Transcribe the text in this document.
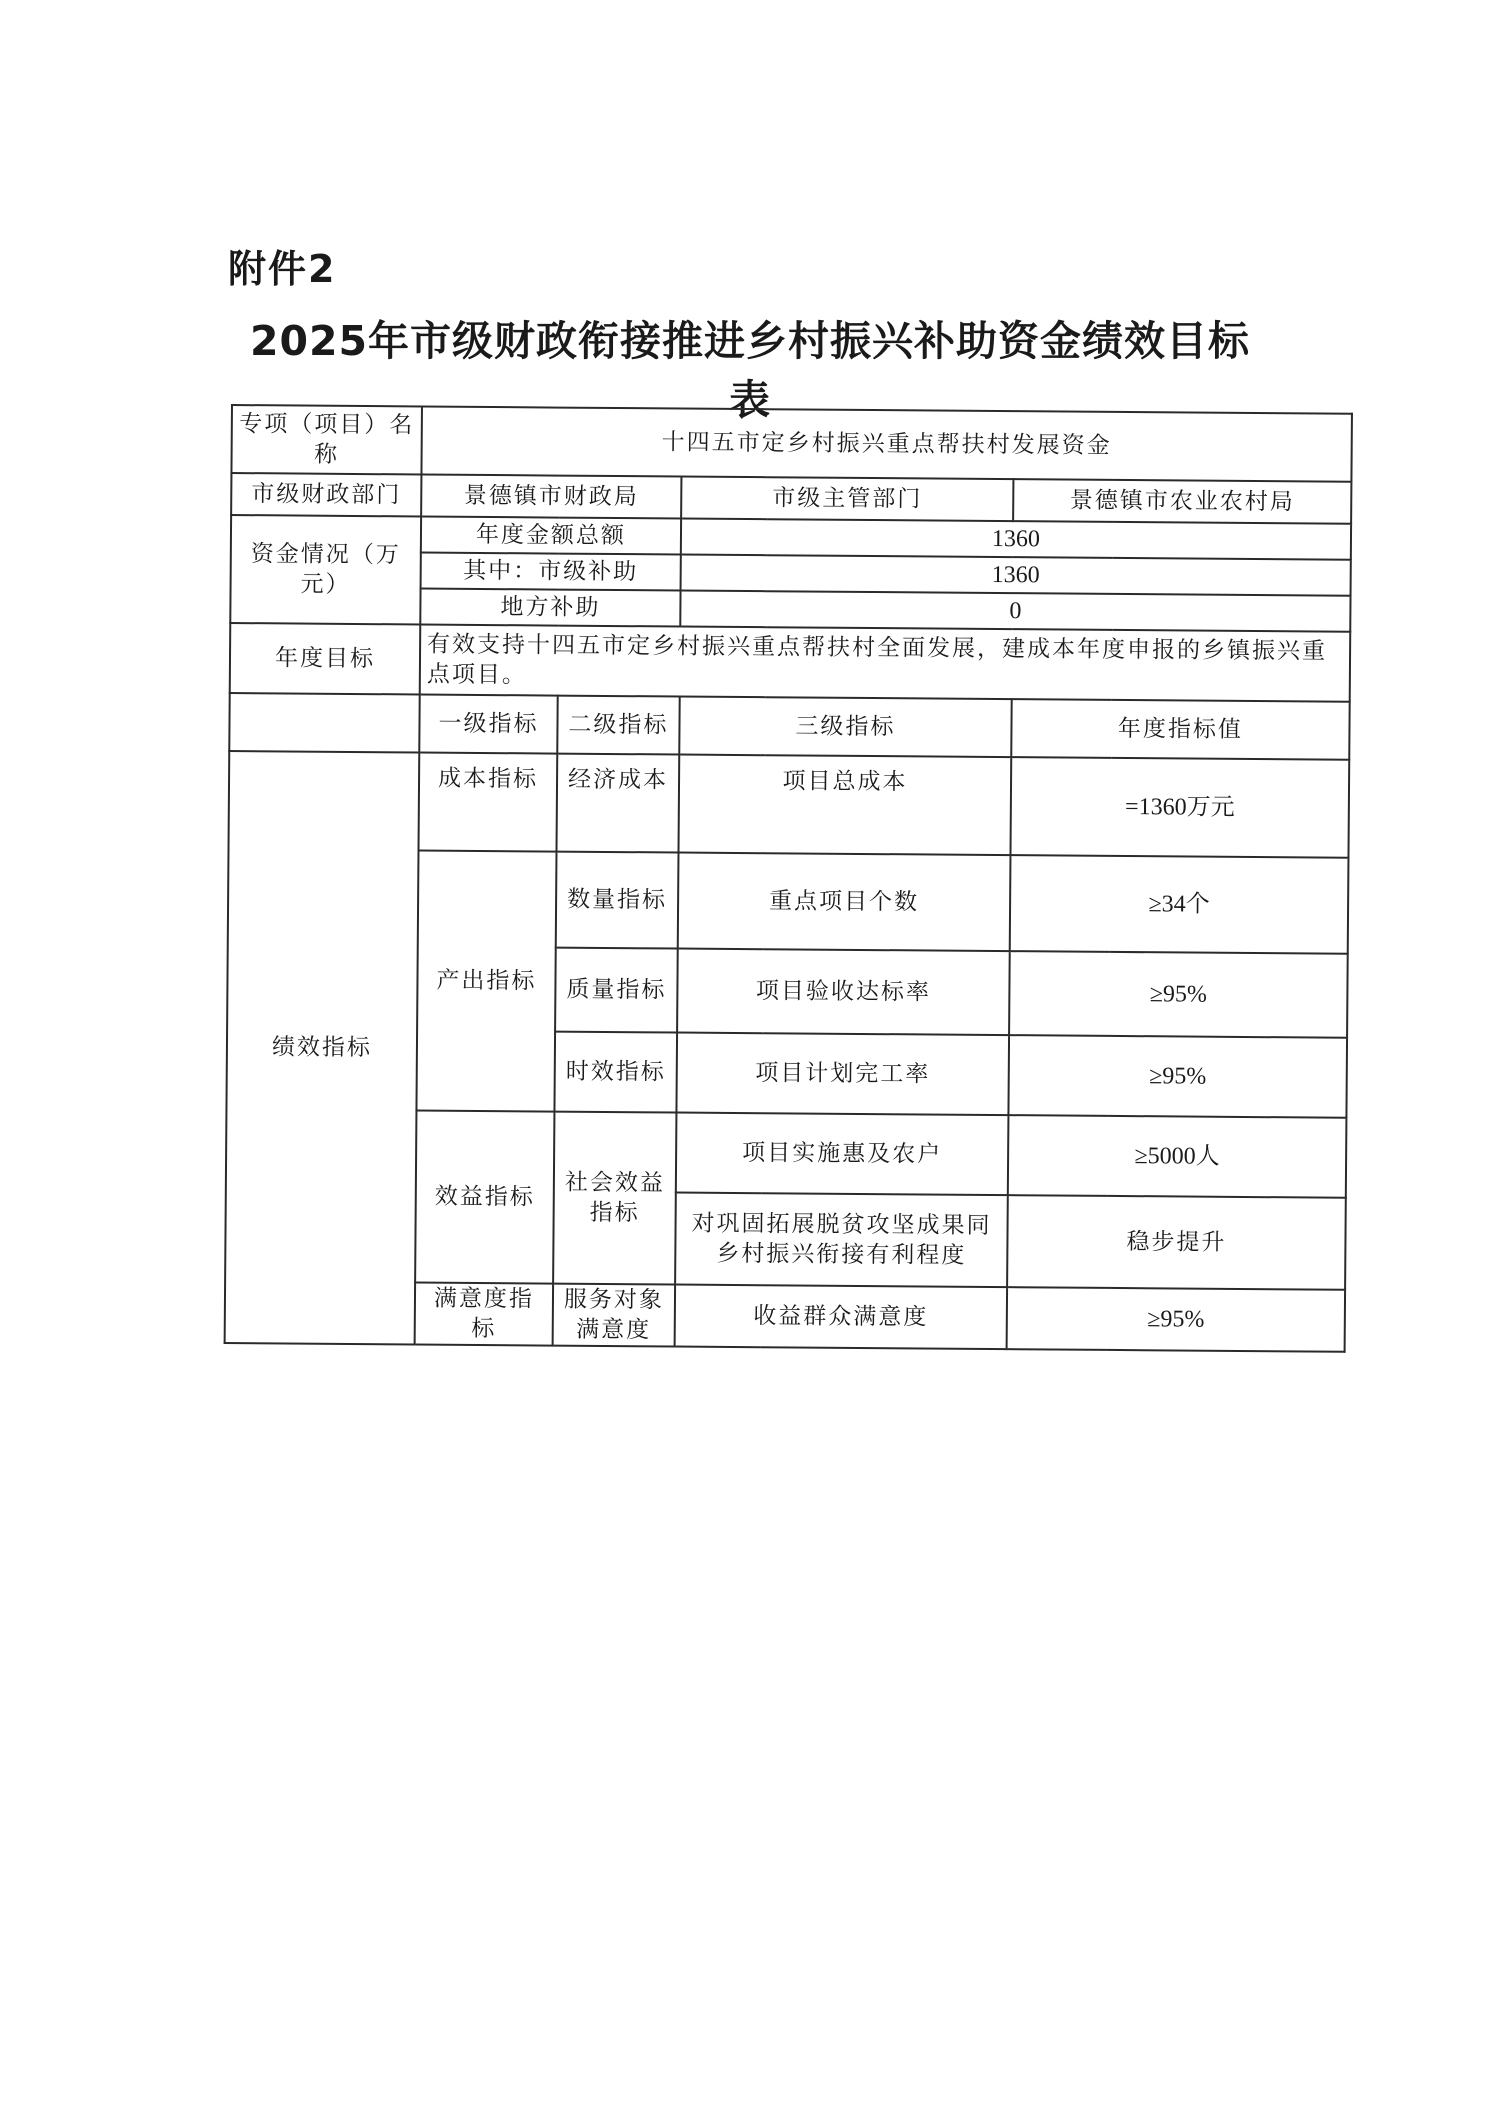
附件2
2025年市级财政衔接推进乡村振兴补助资金绩效目标表
专项（项目）名称	十四五市定乡村振兴重点帮扶村发展资金			
市级财政部门	景德镇市财政局		市级主管部门	景德镇市农业农村局
资金情况（万元）	年度金额总额		1360	
	其中：市级补助		1360	
	地方补助		0	
年度目标	有效支持十四五市定乡村振兴重点帮扶村全面发展，建成本年度申报的乡镇振兴重点项目。			
	一级指标	二级指标	三级指标	年度指标值
绩效指标	成本指标	经济成本	项目总成本	=1360万元
	产出指标	数量指标	重点项目个数	≥34个
		质量指标	项目验收达标率	≥95%
		时效指标	项目计划完工率	≥95%
	效益指标	社会效益指标	项目实施惠及农户	≥5000人
			对巩固拓展脱贫攻坚成果同乡村振兴衔接有利程度	稳步提升
	满意度指标	服务对象满意度	收益群众满意度	≥95%
